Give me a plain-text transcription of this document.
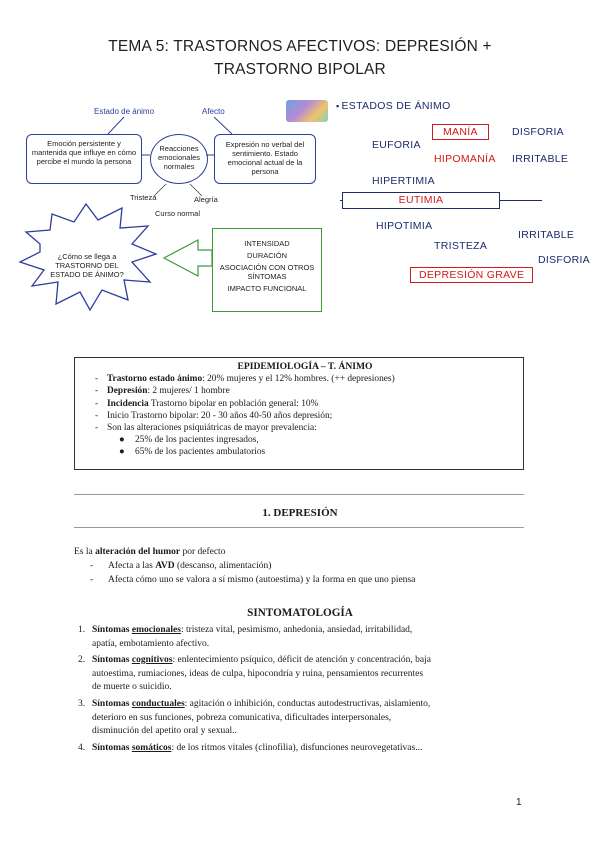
TEMA 5: TRASTORNOS AFECTIVOS: DEPRESIÓN +
TRASTORNO BIPOLAR
Estado de ánimo	Afecto
Emoción persistente y mantenida que influye en cómo percibe el mundo la persona
Reacciones emocionales normales
Expresión no verbal del sentimiento. Estado emocional actual de la persona
Tristeza	Alegría
Curso normal
¿Cómo se llega a TRASTORNO DEL ESTADO DE ÁNIMO?
INTENSIDAD
DURACIÓN
ASOCIACIÓN CON OTROS SÍNTOMAS
IMPACTO FUNCIONAL
▪ ESTADOS DE ÁNIMO
EUFORIA
MANÍA	DISFORIA
HIPOMANÍA IRRITABLE
HIPERTIMIA
EUTIMIA
HIPOTIMIA
IRRITABLE
TRISTEZA
DISFORIA
DEPRESIÓN GRAVE
EPIDEMIOLOGÍA – T. ÁNIMO
- Trastorno estado ánimo: 20% mujeres y el 12% hombres. (++ depresiones)
- Depresión: 2 mujeres/ 1 hombre
- Incidencia Trastorno bipolar en población general: 10%
- Inicio Trastorno bipolar: 20 - 30 años 40-50 años depresión;
- Son las alteraciones psiquiátricas de mayor prevalencia:
● 25% de los pacientes ingresados,
● 65% de los pacientes ambulatorios
1. DEPRESIÓN
Es la alteración del humor por defecto
- Afecta a las AVD (descanso, alimentación)
- Afecta cómo uno se valora a sí mismo (autoestima) y la forma en que uno piensa
SINTOMATOLOGÍA
1. Síntomas emocionales: tristeza vital, pesimismo, anhedonia, ansiedad, irritabilidad,
apatía, embotamiento afectivo.
2. Síntomas cognitivos: enlentecimiento psíquico, déficit de atención y concentración, baja
autoestima, rumiaciones, ideas de culpa, hipocondría y ruina, pensamientos recurrentes
de muerte o suicidio.
3. Síntomas conductuales: agitación o inhibición, conductas autodestructivas, aislamiento,
deterioro en sus funciones, pobreza comunicativa, dificultades interpersonales,
disminución del apetito oral y sexual..
4. Síntomas somáticos: de los ritmos vitales (clinofilia), disfunciones neurovegetativas...
1
